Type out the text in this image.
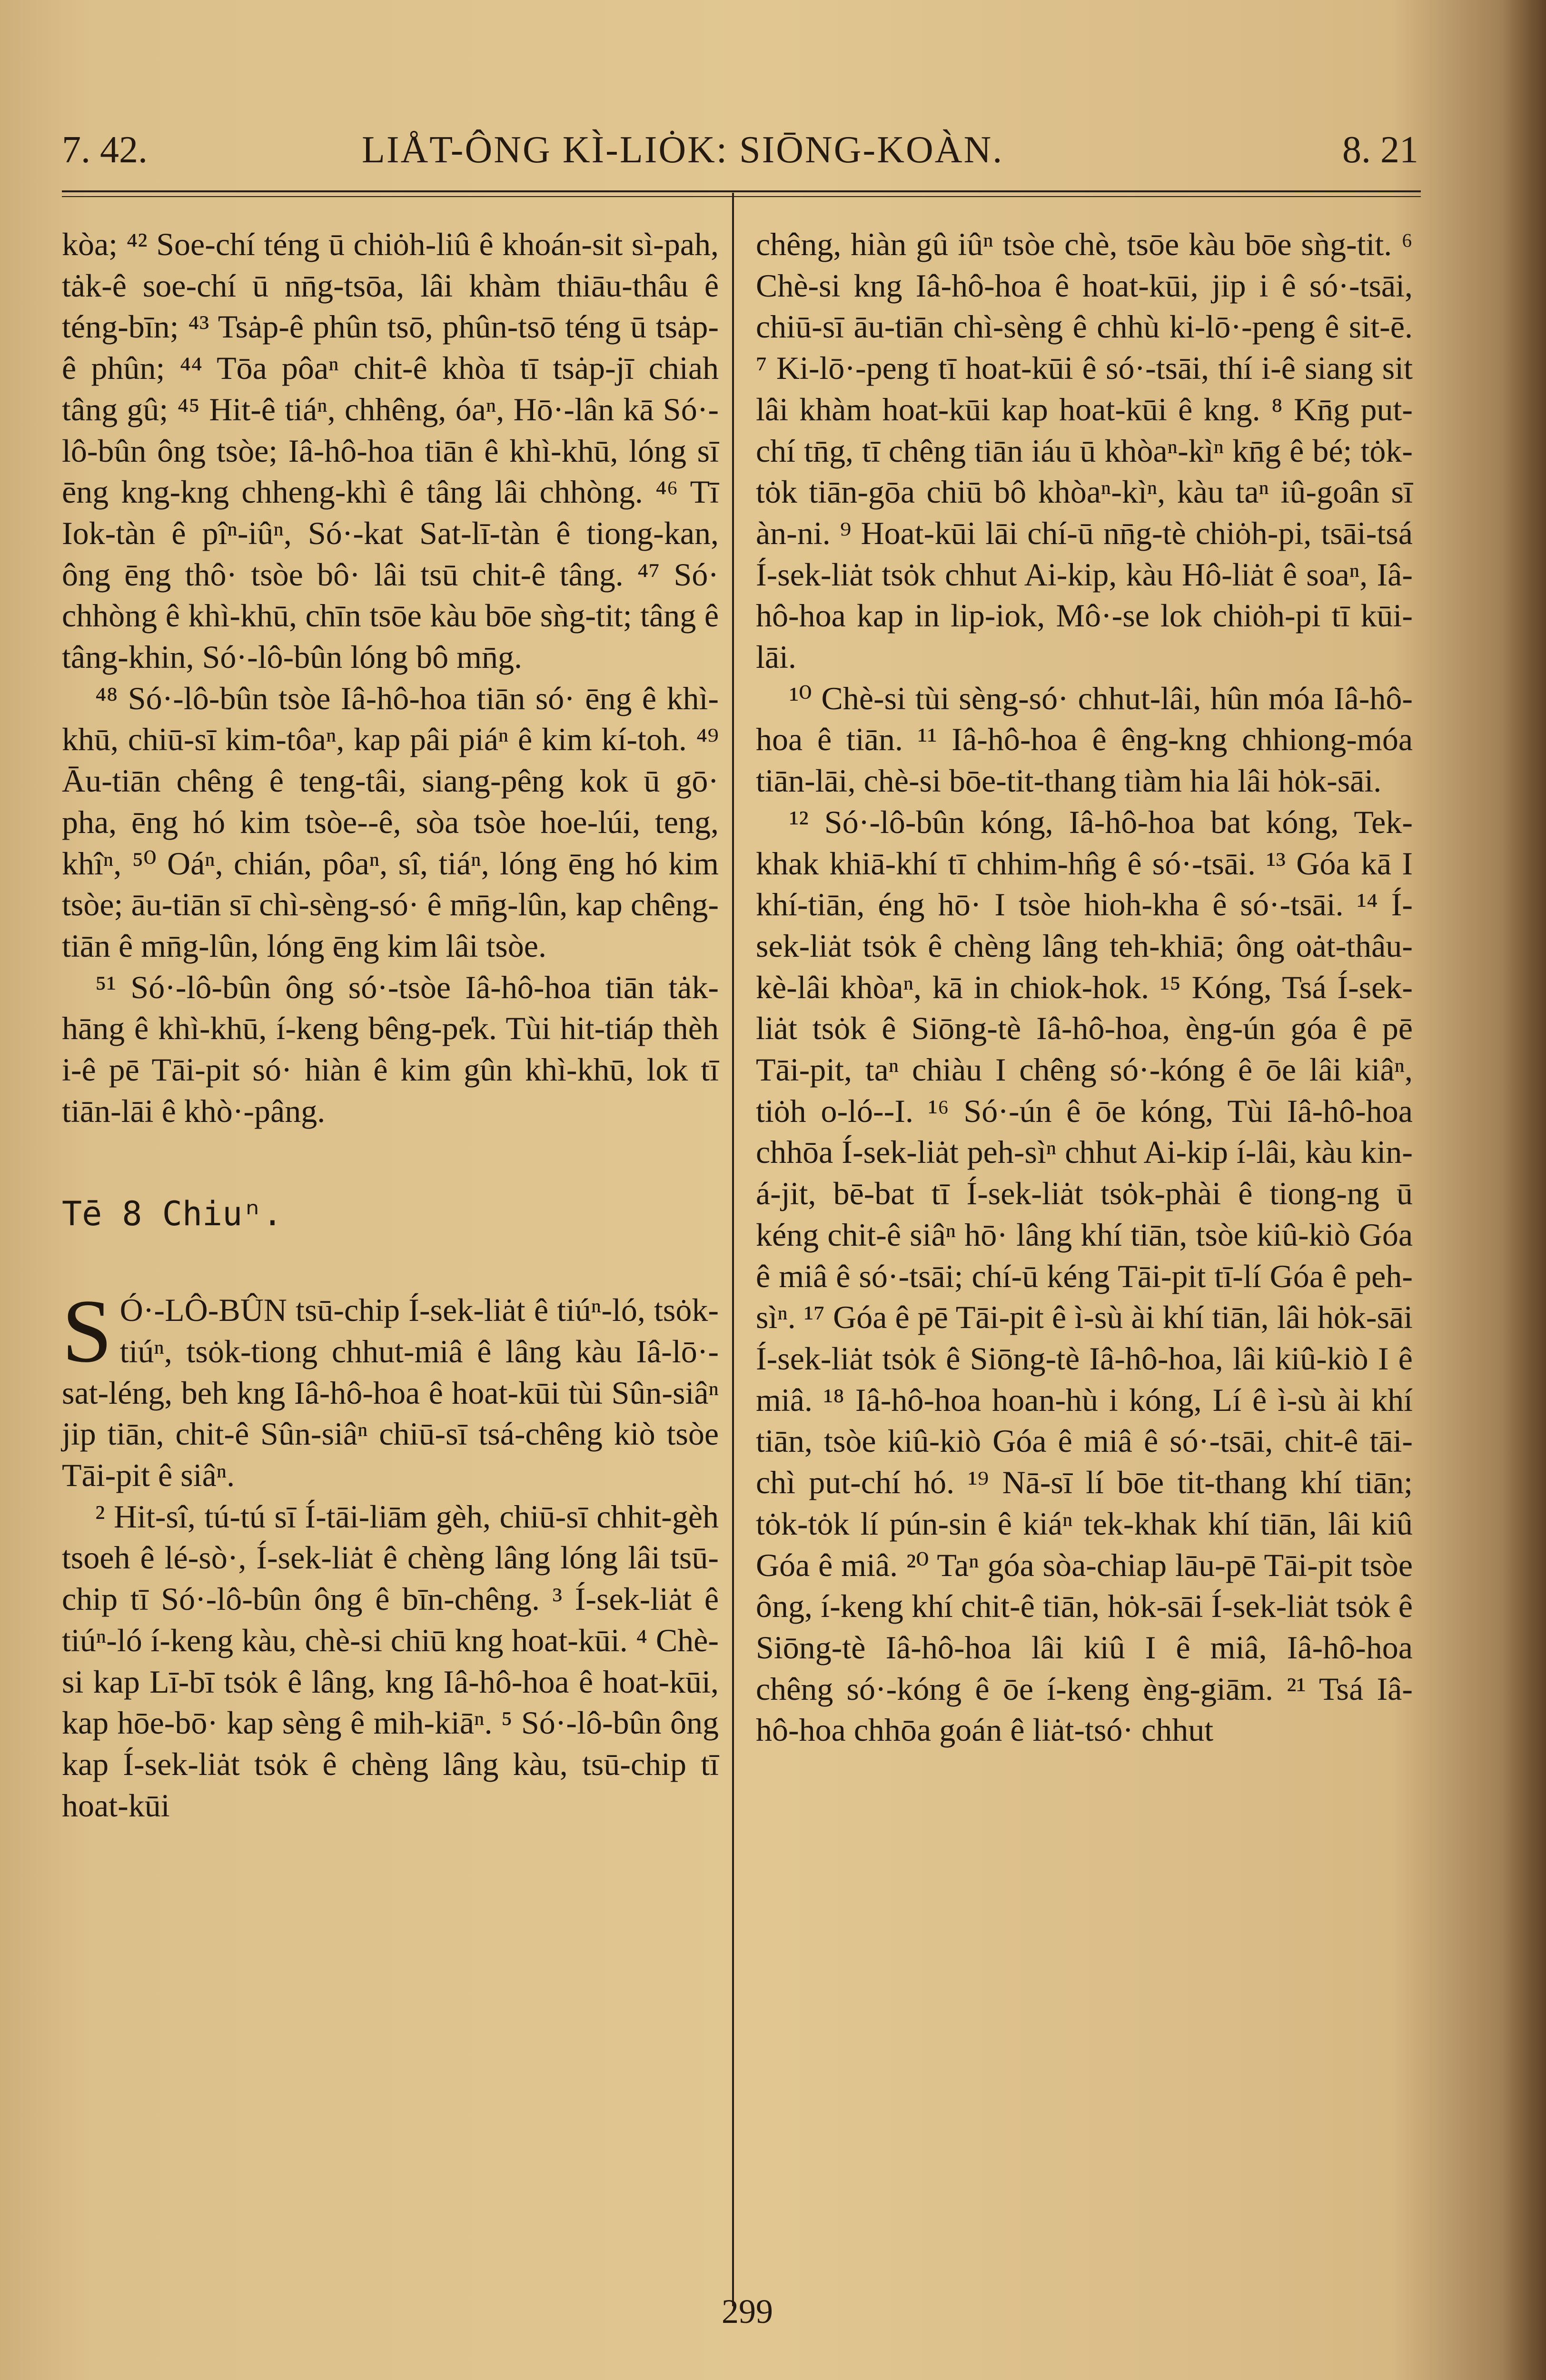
7. 42.	LIÅT-ÔNG KÌ-LIȮK: SIŌNG-KOÀN.	8. 21

kòa; ⁴² Soe-chí téng ū chiȯh-liû ê khoán-sit sì-pah, tȧk-ê soe-chí ū nn̄g-tsōa, lâi khàm thiāu-thâu ê téng-bīn; ⁴³ Tsȧp-ê phûn tsō, phûn-tsō téng ū tsȧp-ê phûn; ⁴⁴ Tōa pôaⁿ chit-ê khòa tī tsȧp-jī chiah tâng gû; ⁴⁵ Hit-ê tiáⁿ, chhêng, óaⁿ, Hō·-lân kā Só·-lô-bûn ông tsòe; Iâ-hô-hoa tiān ê khì-khū, lóng sī ēng kng-kng chheng-khì ê tâng lâi chhòng. ⁴⁶ Tī Iok-tàn ê pîⁿ-iûⁿ, Só·-kat Sat-lī-tàn ê tiong-kan, ông ēng thô· tsòe bô· lâi tsū chit-ê tâng. ⁴⁷ Só· chhòng ê khì-khū, chīn tsōe kàu bōe sǹg-tit; tâng ê tâng-khin, Só·-lô-bûn lóng bô mn̄g.

⁴⁸ Só·-lô-bûn tsòe Iâ-hô-hoa tiān só· ēng ê khì-khū, chiū-sī kim-tôaⁿ, kap pâi piáⁿ ê kim kí-toh. ⁴⁹ Āu-tiān chêng ê teng-tâi, siang-pêng kok ū gō· pha, ēng hó kim tsòe--ê, sòa tsòe hoe-lúi, teng, khîⁿ, ⁵⁰ Oáⁿ, chián, pôaⁿ, sî, tiáⁿ, lóng ēng hó kim tsòe; āu-tiān sī chì-sèng-só· ê mn̄g-lûn, kap chêng-tiān ê mn̄g-lûn, lóng ēng kim lâi tsòe.

⁵¹ Só·-lô-bûn ông só·-tsòe Iâ-hô-hoa tiān tȧk-hāng ê khì-khū, í-keng bêng-pe̍k. Tùi hit-tiáp thèh i-ê pē Tāi-pit só· hiàn ê kim gûn khì-khū, lok tī tiān-lāi ê khò·-pâng.

Tē 8 Chiuⁿ.

S Ó·-LÔ-BÛN tsū-chip Í-sek-liȧt ê tiúⁿ-ló, tsȯk-tiúⁿ, tsȯk-tiong chhut-miâ ê lâng kàu Iâ-lō·-sat-léng, beh kng Iâ-hô-hoa ê hoat-kūi tùi Sûn-siâⁿ jip tiān, chit-ê Sûn-siâⁿ chiū-sī tsá-chêng kiò tsòe Tāi-pit ê siâⁿ.

² Hit-sî, tú-tú sī Í-tāi-liām gèh, chiū-sī chhit-gèh tsoeh ê lé-sò·, Í-sek-liȧt ê chèng lâng lóng lâi tsū-chip tī Só·-lô-bûn ông ê bīn-chêng. ³ Í-sek-liȧt ê tiúⁿ-ló í-keng kàu, chè-si chiū kng hoat-kūi. ⁴ Chè-si kap Lī-bī tsȯk ê lâng, kng Iâ-hô-hoa ê hoat-kūi, kap hōe-bō· kap sèng ê mih-kiāⁿ. ⁵ Só·-lô-bûn ông kap Í-sek-liȧt tsȯk ê chèng lâng kàu, tsū-chip tī hoat-kūi

chêng, hiàn gû iûⁿ tsòe chè, tsōe kàu bōe sǹg-tit. ⁶ Chè-si kng Iâ-hô-hoa ê hoat-kūi, jip i ê só·-tsāi, chiū-sī āu-tiān chì-sèng ê chhù ki-lō·-peng ê sit-ē. ⁷ Ki-lō·-peng tī hoat-kūi ê só·-tsāi, thí i-ê siang sit lâi khàm hoat-kūi kap hoat-kūi ê kng. ⁸ Kn̄g put-chí tn̄g, tī chêng tiān iáu ū khòaⁿ-kìⁿ kn̄g ê bé; tȯk-tȯk tiān-gōa chiū bô khòaⁿ-kìⁿ, kàu taⁿ iû-goân sī àn-ni. ⁹ Hoat-kūi lāi chí-ū nn̄g-tè chiȯh-pi, tsāi-tsá Í-sek-liȧt tsȯk chhut Ai-kip, kàu Hô-liȧt ê soaⁿ, Iâ-hô-hoa kap in lip-iok, Mô·-se lok chiȯh-pi tī kūi-lāi.

¹⁰ Chè-si tùi sèng-só· chhut-lâi, hûn móa Iâ-hô-hoa ê tiān. ¹¹ Iâ-hô-hoa ê êng-kng chhiong-móa tiān-lāi, chè-si bōe-tit-thang tiàm hia lâi hȯk-sāi.

¹² Só·-lô-bûn kóng, Iâ-hô-hoa bat kóng, Tek-khak khiā-khí tī chhim-hn̂g ê só·-tsāi. ¹³ Góa kā I khí-tiān, éng hō· I tsòe hioh-kha ê só·-tsāi. ¹⁴ Í-sek-liȧt tsȯk ê chèng lâng teh-khiā; ông oȧt-thâu-kè-lâi khòaⁿ, kā in chiok-hok. ¹⁵ Kóng, Tsá Í-sek-liȧt tsȯk ê Siōng-tè Iâ-hô-hoa, èng-ún góa ê pē Tāi-pit, taⁿ chiàu I chêng só·-kóng ê ōe lâi kiâⁿ, tiȯh o-ló--I. ¹⁶ Só·-ún ê ōe kóng, Tùi Iâ-hô-hoa chhōa Í-sek-liȧt peh-sìⁿ chhut Ai-kip í-lâi, kàu kin-á-jit, bē-bat tī Í-sek-liȧt tsȯk-phài ê tiong-ng ū kéng chit-ê siâⁿ hō· lâng khí tiān, tsòe kiû-kiò Góa ê miâ ê só·-tsāi; chí-ū kéng Tāi-pit tī-lí Góa ê peh-sìⁿ. ¹⁷ Góa ê pē Tāi-pit ê ì-sù ài khí tiān, lâi hȯk-sāi Í-sek-liȧt tsȯk ê Siōng-tè Iâ-hô-hoa, lâi kiû-kiò I ê miâ. ¹⁸ Iâ-hô-hoa hoan-hù i kóng, Lí ê ì-sù ài khí tiān, tsòe kiû-kiò Góa ê miâ ê só·-tsāi, chit-ê tāi-chì put-chí hó. ¹⁹ Nā-sī lí bōe tit-thang khí tiān; tȯk-tȯk lí pún-sin ê kiáⁿ tek-khak khí tiān, lâi kiû Góa ê miâ. ²⁰ Taⁿ góa sòa-chiap lāu-pē Tāi-pit tsòe ông, í-keng khí chit-ê tiān, hȯk-sāi Í-sek-liȧt tsȯk ê Siōng-tè Iâ-hô-hoa lâi kiû I ê miâ, Iâ-hô-hoa chêng só·-kóng ê ōe í-keng èng-giām. ²¹ Tsá Iâ-hô-hoa chhōa goán ê liȧt-tsó· chhut

299
